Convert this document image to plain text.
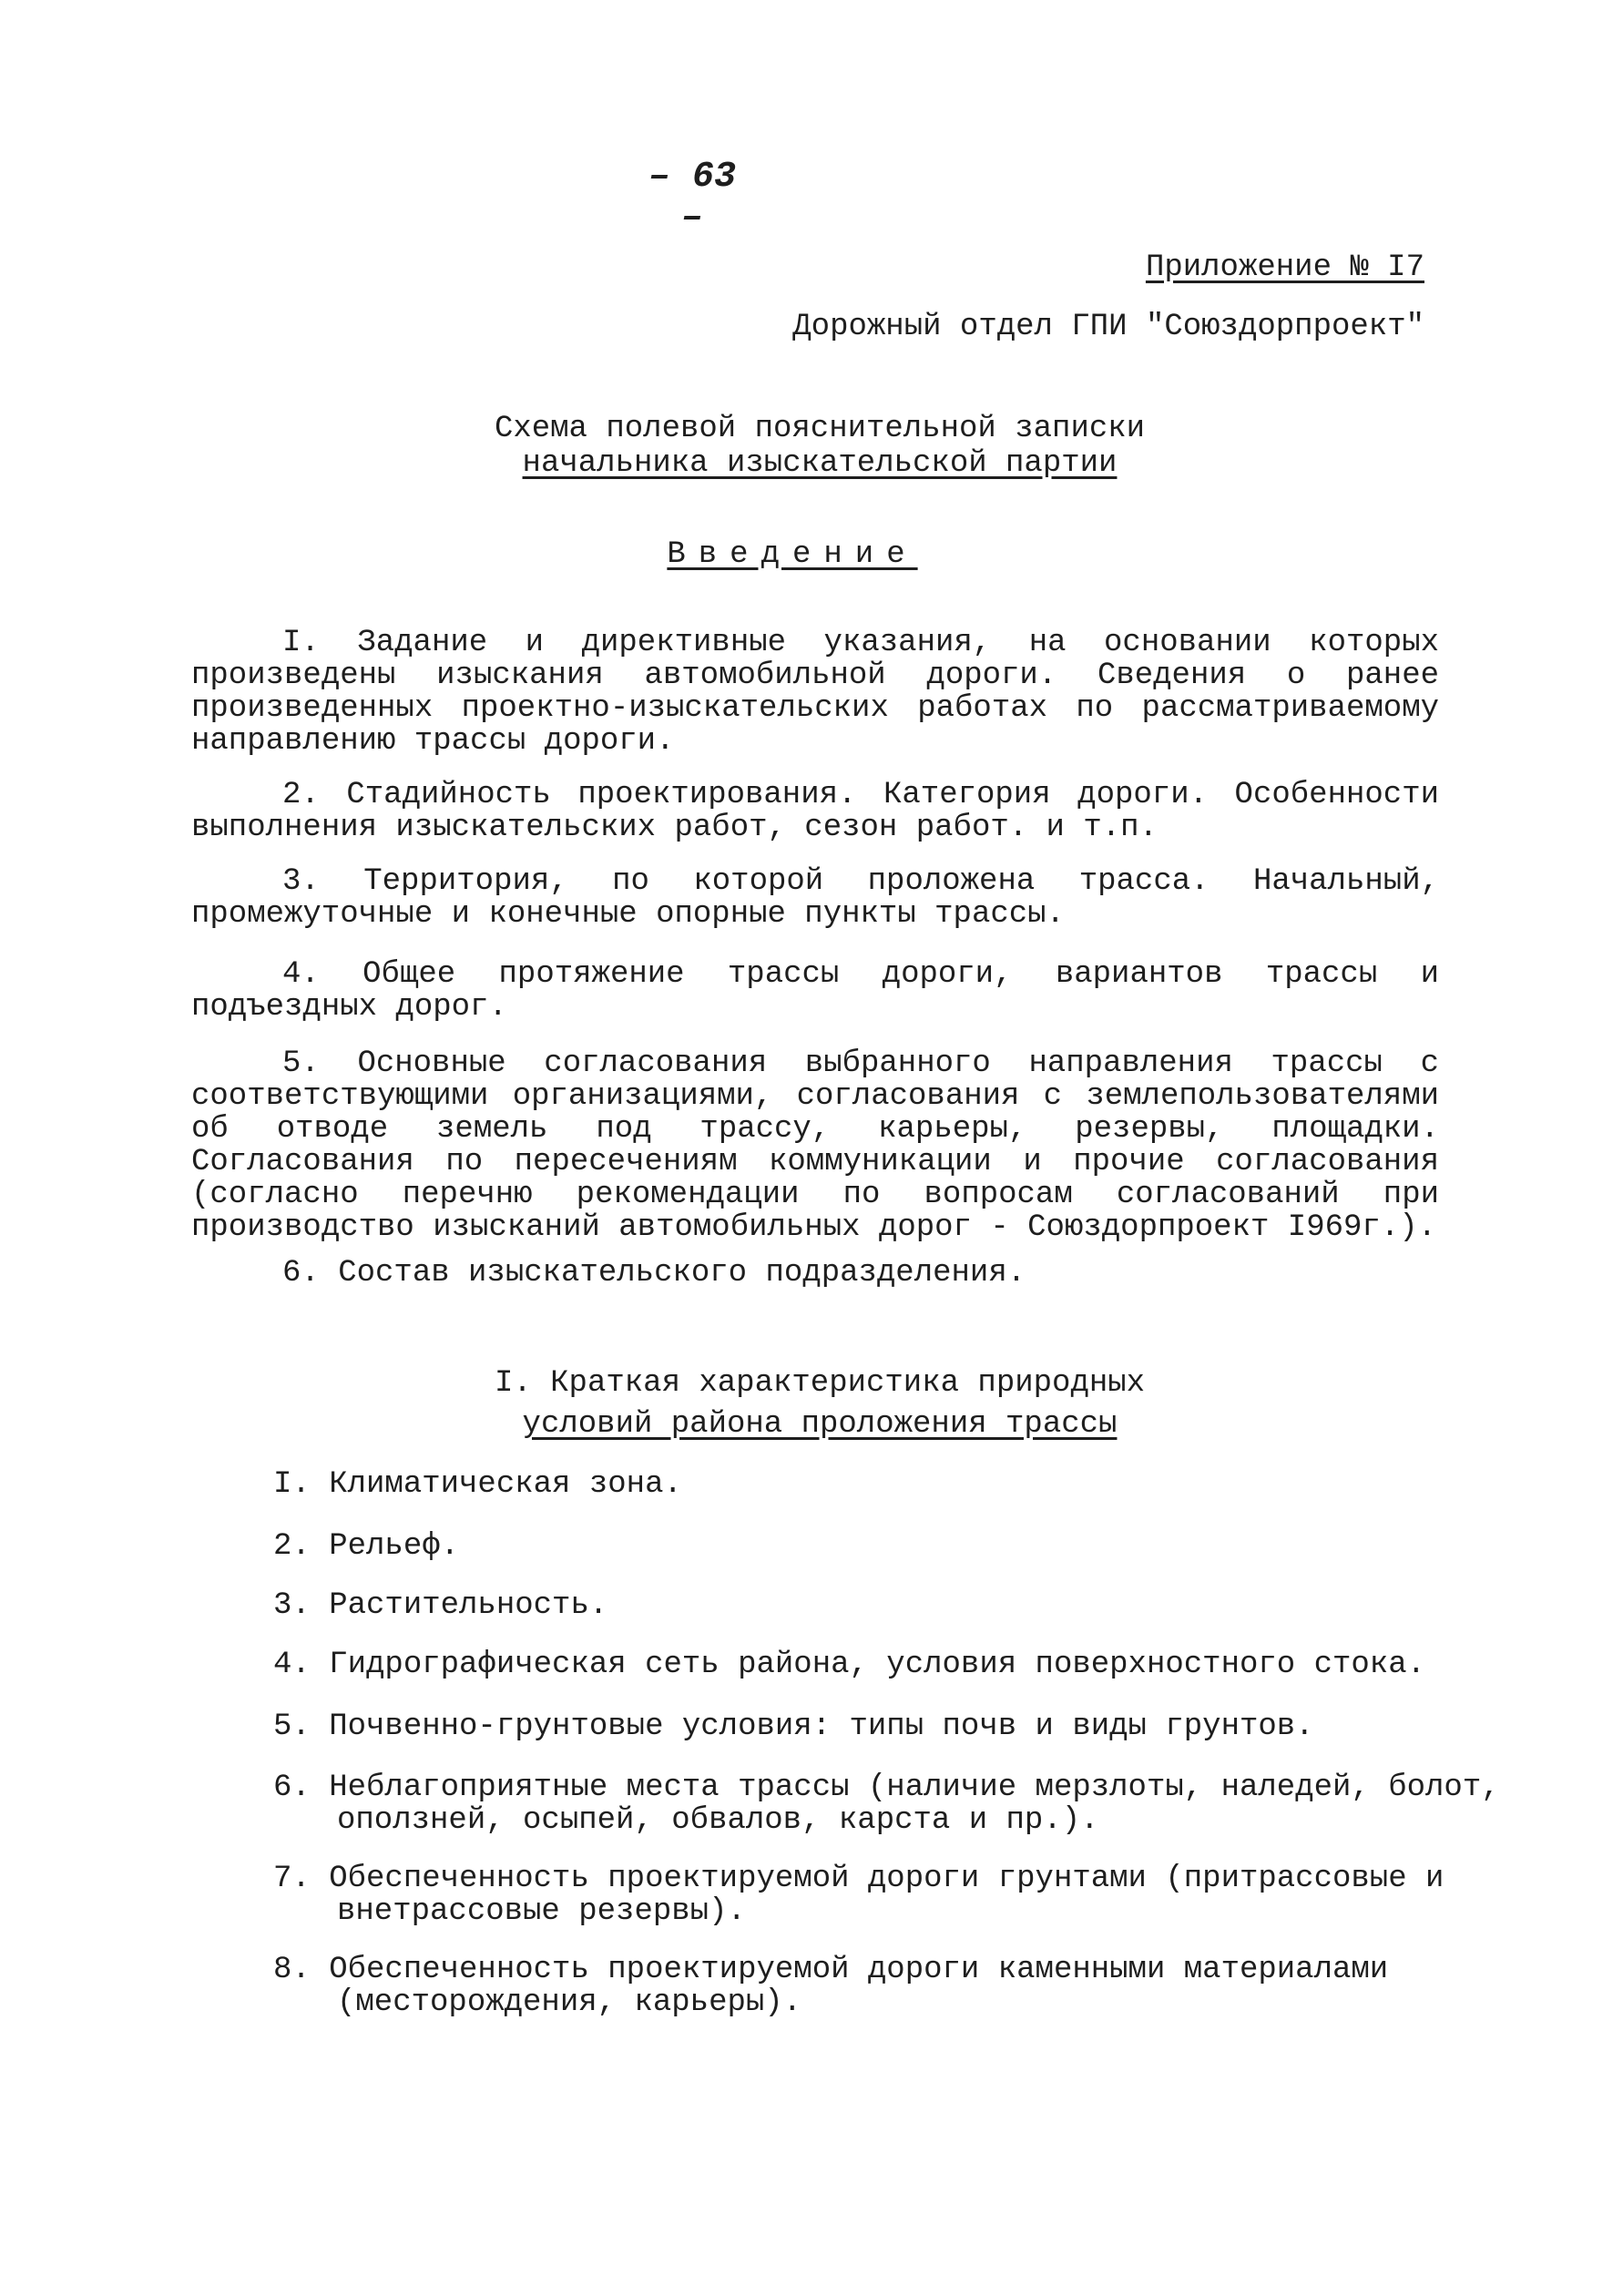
– 63 –
Приложение № I7
Дорожный отдел ГПИ "Союздорпроект"
Схема полевой пояснительной записки
начальника изыскательской партии
Введение
I. Задание и директивные указания, на основании которых произведены изыскания автомобильной дороги. Сведения о ранее произведенных проектно-изыскательских работах по рассматриваемому направлению трассы дороги.
2. Стадийность проектирования. Категория дороги. Особенности выполнения изыскательских работ, сезон работ. и т.п.
3. Территория, по которой проложена трасса. Начальный, промежуточные и конечные опорные пункты трассы.
4. Общее протяжение трассы дороги, вариантов трассы и подъездных дорог.
5. Основные согласования выбранного направления трассы с соответствующими организациями, согласования с землепользователями об отводе земель под трассу, карьеры, резервы, площадки. Согласования по пересечениям коммуникации и прочие согласования (согласно перечню рекомендации по вопросам согласований при производство изысканий автомобильных дорог - Союздорпроект I969г.).
6. Состав изыскательского подразделения.
I. Краткая характеристика природных
условий района проложения трассы
I. Климатическая зона.
2. Рельеф.
3. Растительность.
4. Гидрографическая сеть района, условия поверхностного стока.
5. Почвенно-грунтовые условия: типы почв и виды грунтов.
6. Неблагоприятные места трассы (наличие мерзлоты, наледей, болот, оползней, осыпей, обвалов, карста и пр.).
7. Обеспеченность проектируемой дороги грунтами (притрассовые и внетрассовые резервы).
8. Обеспеченность проектируемой дороги каменными материалами (месторождения, карьеры).
